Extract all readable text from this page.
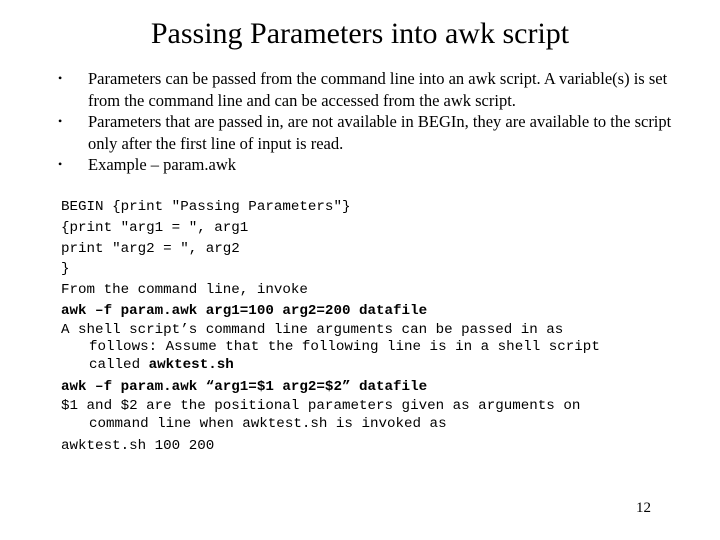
Passing Parameters into awk script
•	Parameters can be passed from the command line into an awk script. A variable(s) is set from the command line and can be accessed from the awk script.
•	Parameters that are passed in, are not available in BEGIn, they are available to the script only after the first line of input is read.
•	Example – param.awk
BEGIN {print "Passing Parameters"}
{print "arg1 = ", arg1
print "arg2 = ", arg2
}
From the command line, invoke
awk –f param.awk arg1=100 arg2=200 datafile
A shell script’s command line arguments can be passed in as
follows: Assume that the following line is in a shell script
called awktest.sh
awk –f param.awk “arg1=$1 arg2=$2” datafile
$1 and $2 are the positional parameters given as arguments on
command line when awktest.sh is invoked as
awktest.sh 100 200
12
